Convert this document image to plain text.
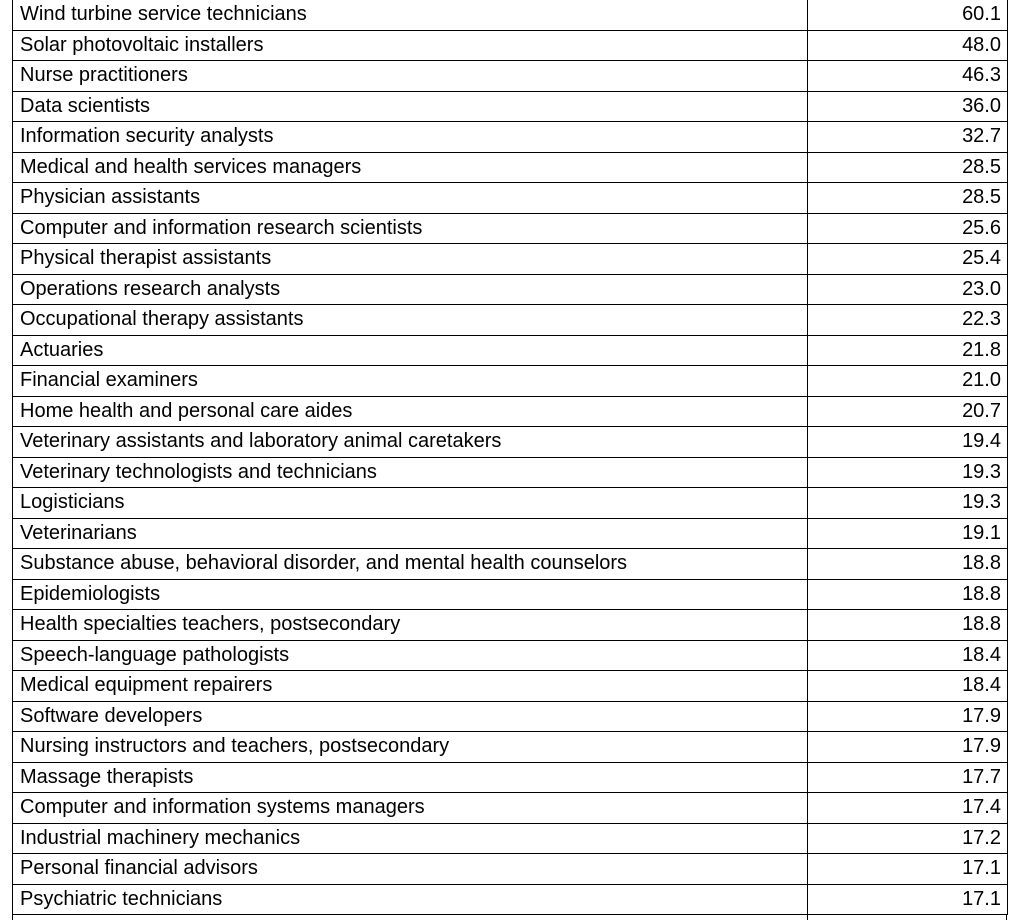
Wind turbine service technicians	60.1
Solar photovoltaic installers	48.0
Nurse practitioners	46.3
Data scientists	36.0
Information security analysts	32.7
Medical and health services managers	28.5
Physician assistants	28.5
Computer and information research scientists	25.6
Physical therapist assistants	25.4
Operations research analysts	23.0
Occupational therapy assistants	22.3
Actuaries	21.8
Financial examiners	21.0
Home health and personal care aides	20.7
Veterinary assistants and laboratory animal caretakers	19.4
Veterinary technologists and technicians	19.3
Logisticians	19.3
Veterinarians	19.1
Substance abuse, behavioral disorder, and mental health counselors	18.8
Epidemiologists	18.8
Health specialties teachers, postsecondary	18.8
Speech-language pathologists	18.4
Medical equipment repairers	18.4
Software developers	17.9
Nursing instructors and teachers, postsecondary	17.9
Massage therapists	17.7
Computer and information systems managers	17.4
Industrial machinery mechanics	17.2
Personal financial advisors	17.1
Psychiatric technicians	17.1
